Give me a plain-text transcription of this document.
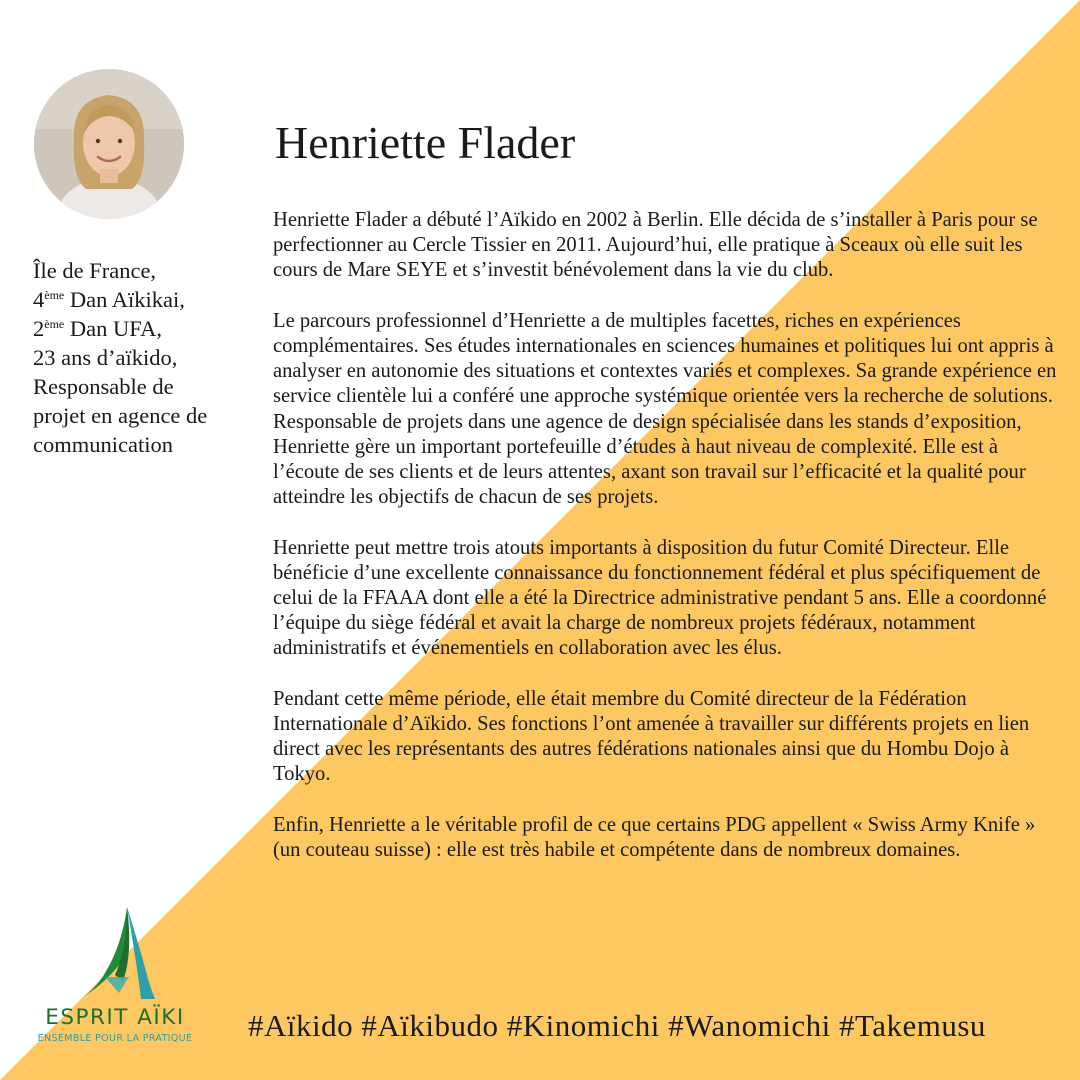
Île de France,
4ème Dan Aïkikai,
2ème Dan UFA,
23 ans d’aïkido,
Responsable de
projet en agence de
communication
Henriette Flader

Henriette Flader a débuté l’Aïkido en 2002 à Berlin. Elle décida de s’installer à Paris pour se perfectionner au Cercle Tissier en 2011. Aujourd’hui, elle pratique à Sceaux où elle suit les cours de Mare SEYE et s’investit bénévolement dans la vie du club.

Le parcours professionnel d’Henriette a de multiples facettes, riches en expériences complémentaires. Ses études internationales en sciences humaines et politiques lui ont appris à analyser en autonomie des situations et contextes variés et complexes. Sa grande expérience en service clientèle lui a conféré une approche systémique orientée vers la recherche de solutions. Responsable de projets dans une agence de design spécialisée dans les stands d’exposition, Henriette gère un important portefeuille d’études à haut niveau de complexité. Elle est à l’écoute de ses clients et de leurs attentes, axant son travail sur l’efficacité et la qualité pour atteindre les objectifs de chacun de ses projets.

Henriette peut mettre trois atouts importants à disposition du futur Comité Directeur. Elle bénéficie d’une excellente connaissance du fonctionnement fédéral et plus spécifiquement de celui de la FFAAA dont elle a été la Directrice administrative pendant 5 ans. Elle a coordonné l’équipe du siège fédéral et avait la charge de nombreux projets fédéraux, notamment administratifs et événementiels en collaboration avec les élus.

Pendant cette même période, elle était membre du Comité directeur de la Fédération Internationale d’Aïkido. Ses fonctions l’ont amenée à travailler sur différents projets en lien direct avec les représentants des autres fédérations nationales ainsi que du Hombu Dojo à Tokyo.

Enfin, Henriette a le véritable profil de ce que certains PDG appellent « Swiss Army Knife » (un couteau suisse) : elle est très habile et compétente dans de nombreux domaines.

ESPRIT AÏKI
ENSEMBLE POUR LA PRATIQUE #Aïkido #Aïkibudo #Kinomichi #Wanomichi #Takemusu
